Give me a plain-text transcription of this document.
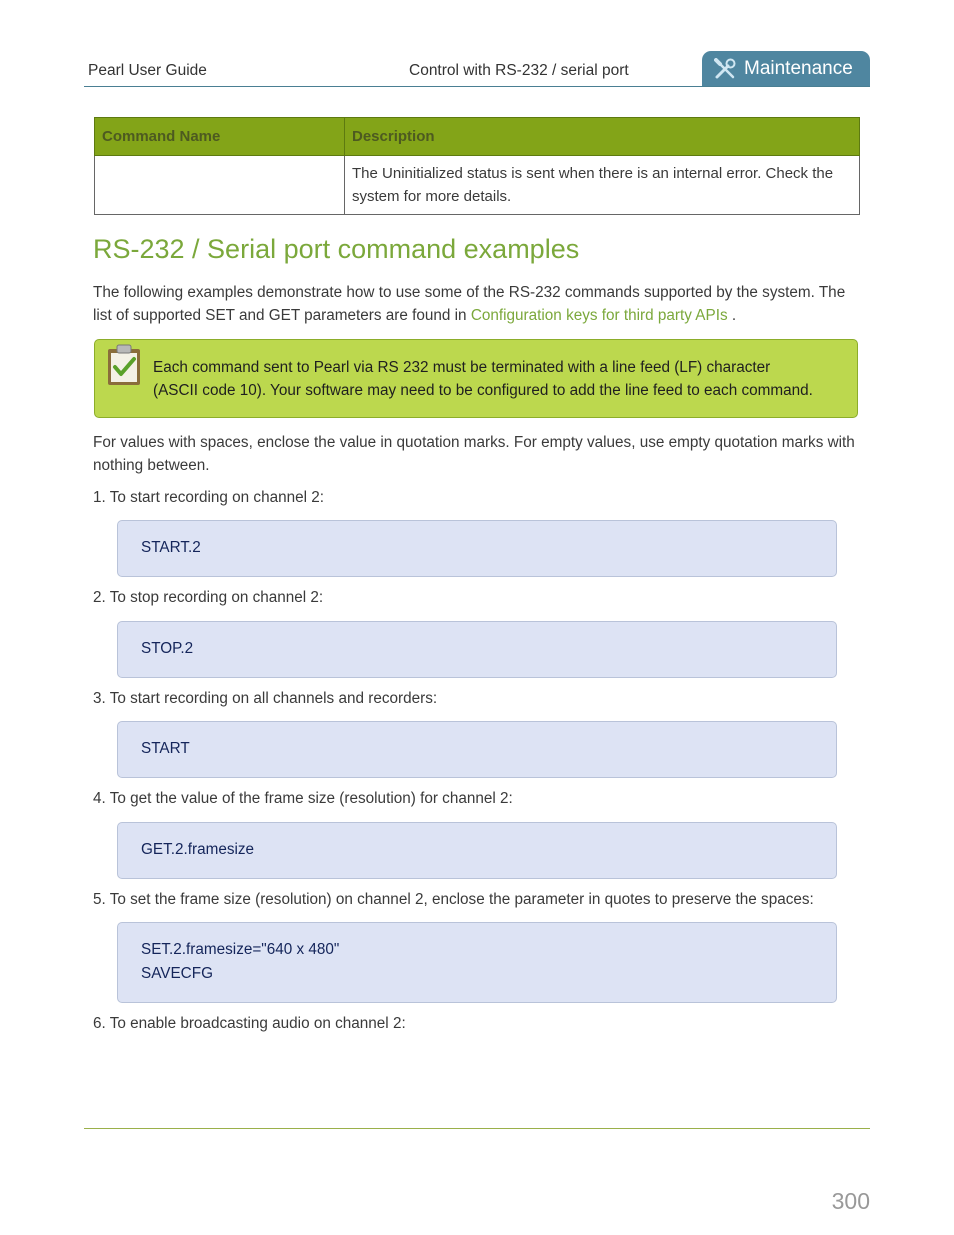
Pearl User Guide	Control with RS-232 / serial port	Maintenance
Command Name	Description
	The Uninitialized status is sent when there is an internal error. Check the system for more details.
RS-232 / Serial port command examples
The following examples demonstrate how to use some of the RS-232 commands supported by the system. The list of supported SET and GET parameters are found in Configuration keys for third party APIs .
Each command sent to Pearl via RS 232 must be terminated with a line feed (LF) character
(ASCII code 10). Your software may need to be configured to add the line feed to each command.
For values with spaces, enclose the value in quotation marks. For empty values, use empty quotation marks with nothing between.
1. To start recording on channel 2:
START.2
2. To stop recording on channel 2:
STOP.2
3. To start recording on all channels and recorders:
START
4. To get the value of the frame size (resolution) for channel 2:
GET.2.framesize
5. To set the frame size (resolution) on channel 2, enclose the parameter in quotes to preserve the spaces:
SET.2.framesize="640 x 480"
SAVECFG
6. To enable broadcasting audio on channel 2:
300
